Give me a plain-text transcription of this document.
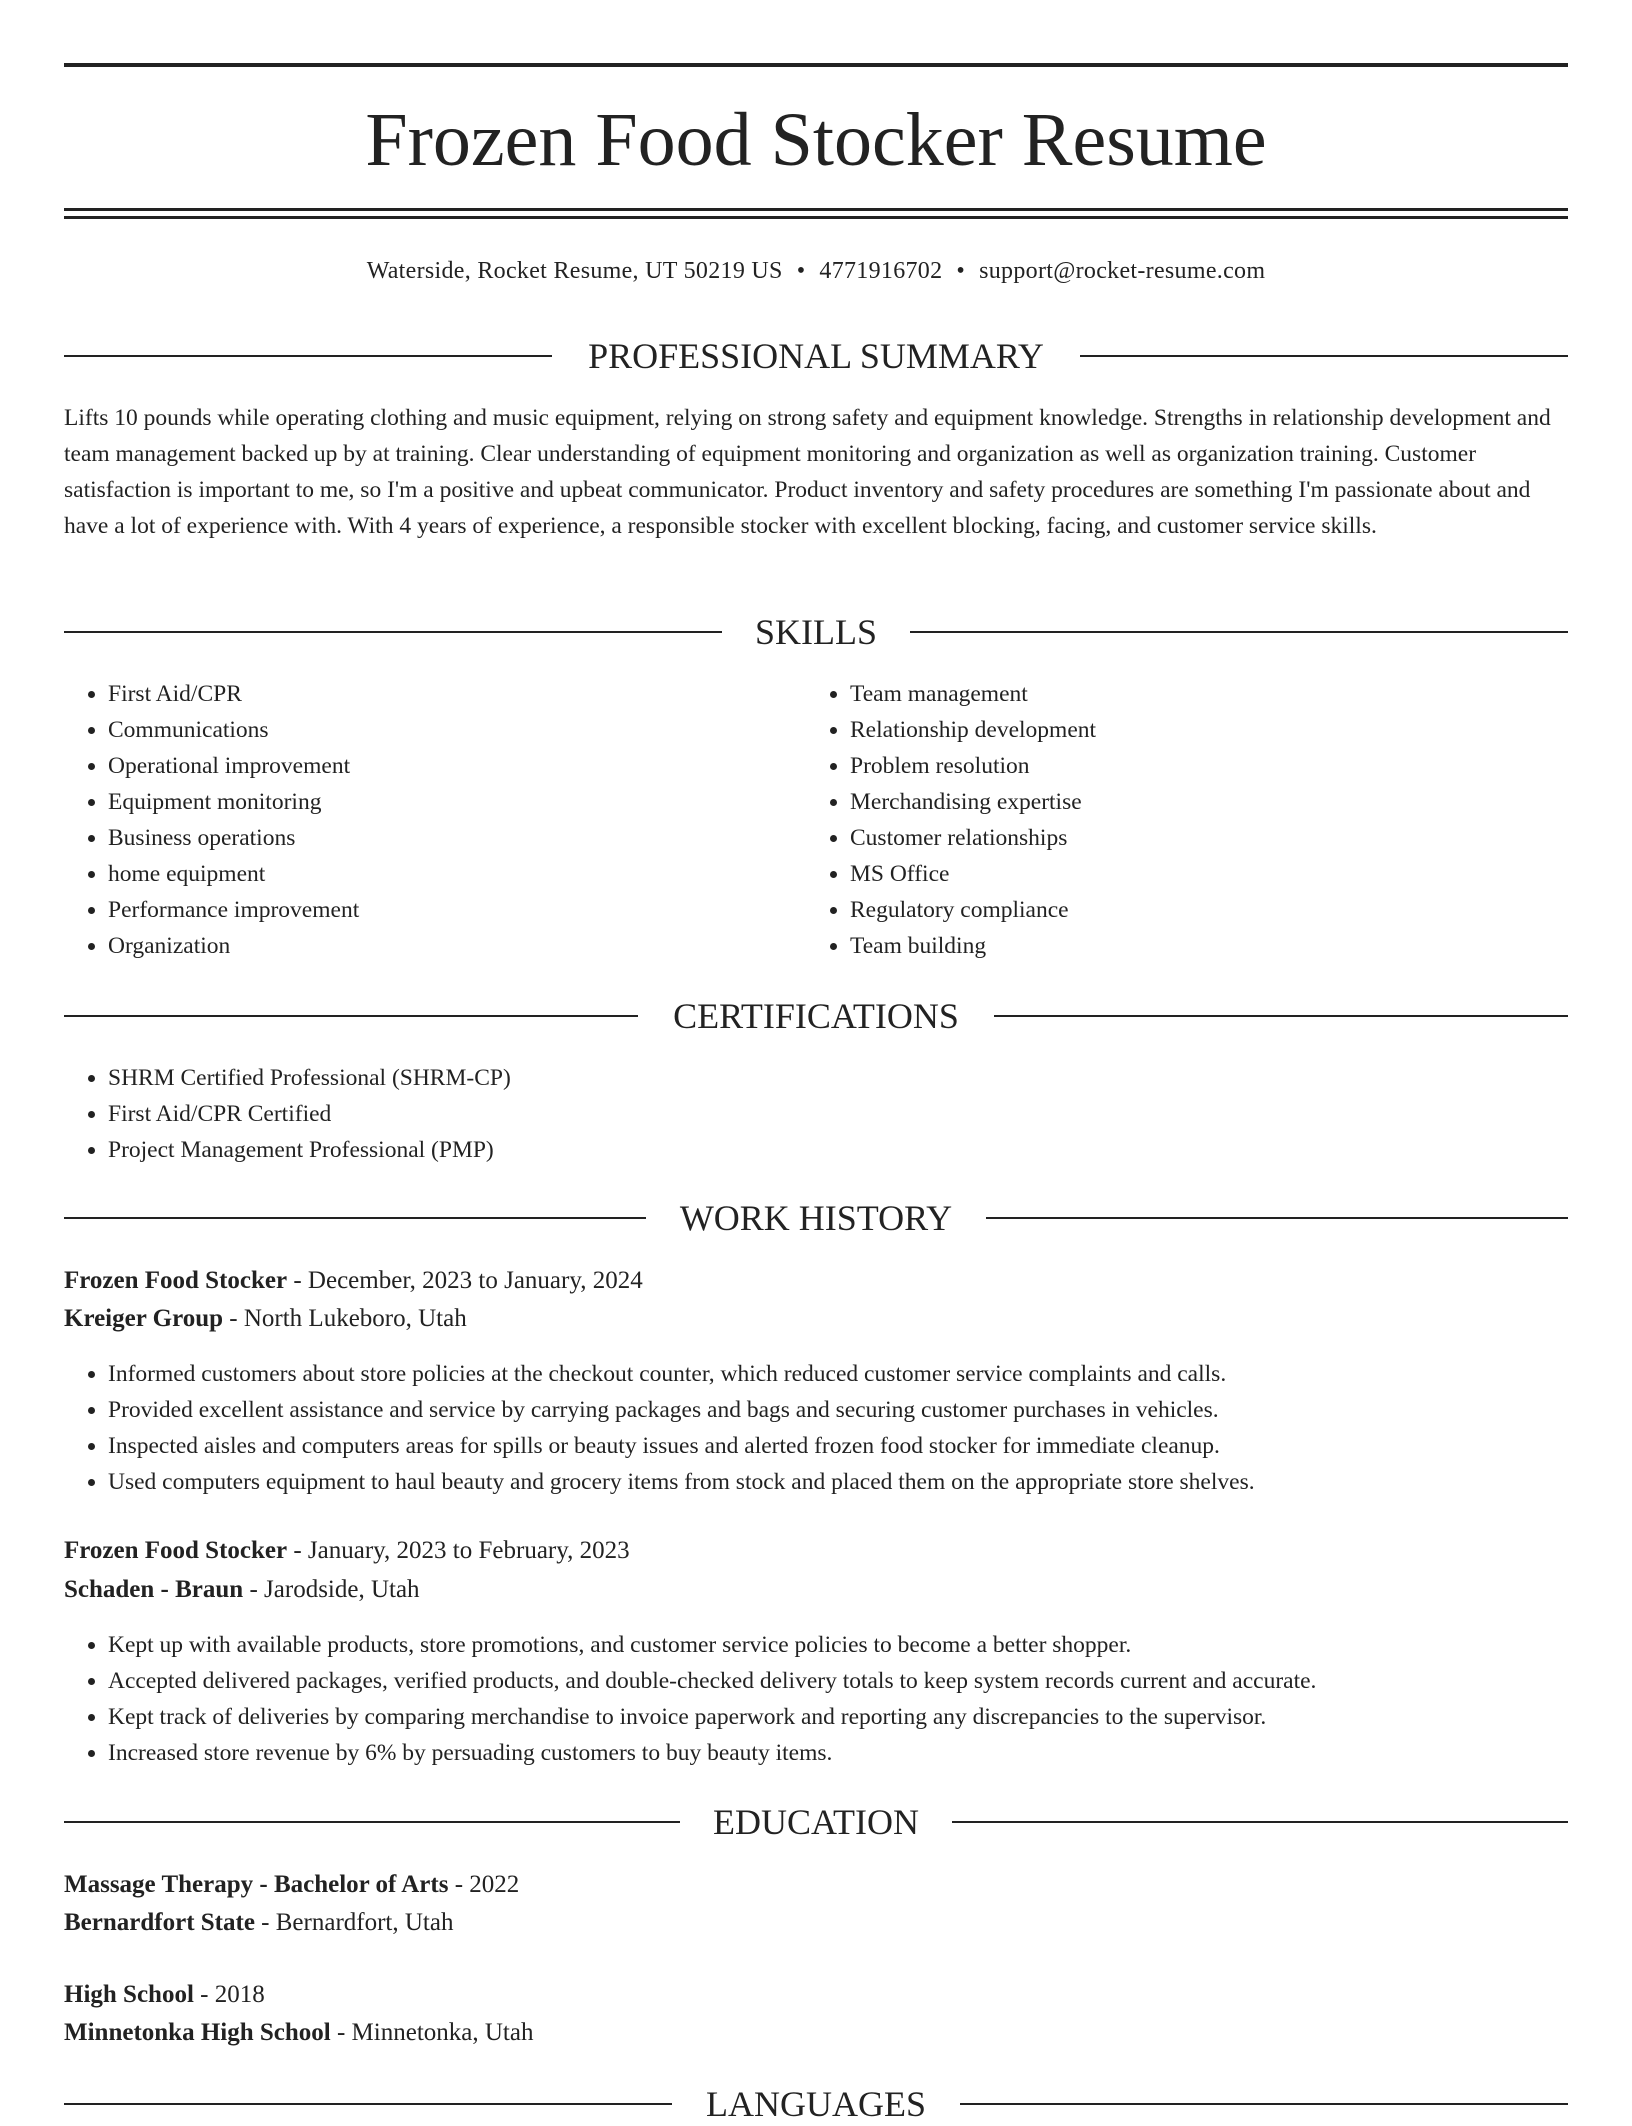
Frozen Food Stocker Resume
Waterside, Rocket Resume, UT 50219 US • 4771916702 • support@rocket-resume.com
PROFESSIONAL SUMMARY

Lifts 10 pounds while operating clothing and music equipment, relying on strong safety and equipment knowledge. Strengths in relationship development and team management backed up by at training. Clear understanding of equipment monitoring and organization as well as organization training. Customer satisfaction is important to me, so I'm a positive and upbeat communicator. Product inventory and safety procedures are something I'm passionate about and have a lot of experience with. With 4 years of experience, a responsible stocker with excellent blocking, facing, and customer service skills.

SKILLS
• First Aid/CPR
• Communications
• Operational improvement
• Equipment monitoring
• Business operations
• home equipment
• Performance improvement
• Organization
• Team management
• Relationship development
• Problem resolution
• Merchandising expertise
• Customer relationships
• MS Office
• Regulatory compliance
• Team building
CERTIFICATIONS
• SHRM Certified Professional (SHRM-CP)
• First Aid/CPR Certified
• Project Management Professional (PMP)
WORK HISTORY
Frozen Food Stocker - December, 2023 to January, 2024
Kreiger Group - North Lukeboro, Utah
• Informed customers about store policies at the checkout counter, which reduced customer service complaints and calls.
• Provided excellent assistance and service by carrying packages and bags and securing customer purchases in vehicles.
• Inspected aisles and computers areas for spills or beauty issues and alerted frozen food stocker for immediate cleanup.
• Used computers equipment to haul beauty and grocery items from stock and placed them on the appropriate store shelves.
Frozen Food Stocker - January, 2023 to February, 2023
Schaden - Braun - Jarodside, Utah
• Kept up with available products, store promotions, and customer service policies to become a better shopper.
• Accepted delivered packages, verified products, and double-checked delivery totals to keep system records current and accurate.
• Kept track of deliveries by comparing merchandise to invoice paperwork and reporting any discrepancies to the supervisor.
• Increased store revenue by 6% by persuading customers to buy beauty items.
EDUCATION
Massage Therapy - Bachelor of Arts - 2022
Bernardfort State - Bernardfort, Utah
High School - 2018
Minnetonka High School - Minnetonka, Utah
LANGUAGES
